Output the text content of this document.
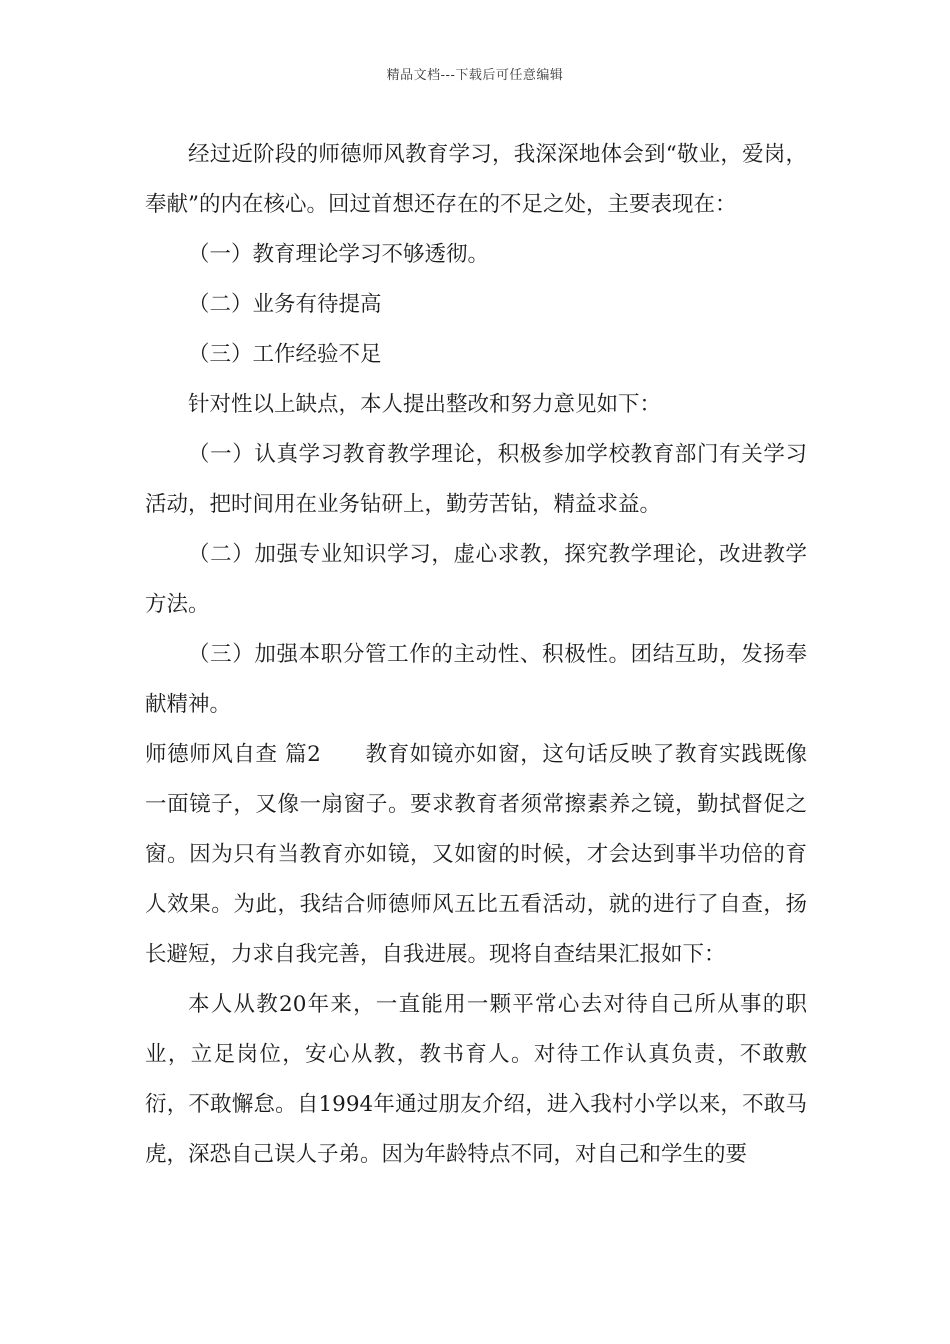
精品文档---下载后可任意编辑

经过近阶段的师德师风教育学习，我深深地体会到“敬业，爱岗，奉献”的内在核心。回过首想还存在的不足之处，主要表现在：

（一）教育理论学习不够透彻。

（二）业务有待提高

（三）工作经验不足

针对性以上缺点，本人提出整改和努力意见如下：

（一）认真学习教育教学理论，积极参加学校教育部门有关学习活动，把时间用在业务钻研上，勤劳苦钻，精益求益。

（二）加强专业知识学习，虚心求教，探究教学理论，改进教学方法。

（三）加强本职分管工作的主动性、积极性。团结互助，发扬奉献精神。

师德师风自查 篇2 教育如镜亦如窗，这句话反映了教育实践既像一面镜子，又像一扇窗子。要求教育者须常擦素养之镜，勤拭督促之窗。因为只有当教育亦如镜，又如窗的时候，才会达到事半功倍的育人效果。为此，我结合师德师风五比五看活动，就的进行了自查，扬长避短，力求自我完善，自我进展。现将自查结果汇报如下：

本人从教20年来，一直能用一颗平常心去对待自己所从事的职业，立足岗位，安心从教，教书育人。对待工作认真负责，不敢敷衍，不敢懈怠。自1994年通过朋友介绍，进入我村小学以来，不敢马虎，深恐自己误人子弟。因为年龄特点不同，对自己和学生的要
